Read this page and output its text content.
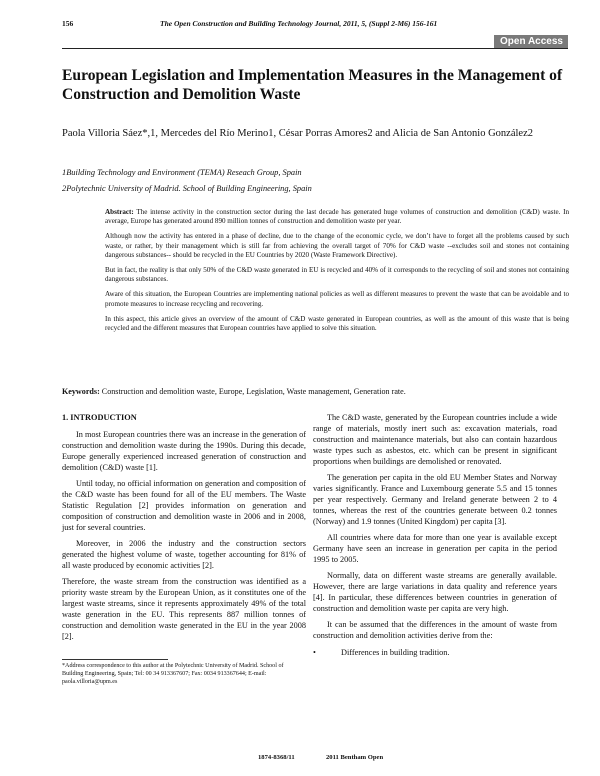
156	The Open Construction and Building Technology Journal, 2011, 5, (Suppl 2-M6) 156-161
Open Access
European Legislation and Implementation Measures in the Management of Construction and Demolition Waste
Paola Villoria Sáez*,1, Mercedes del Río Merino1, César Porras Amores2 and Alicia de San Antonio González2
1Building Technology and Environment (TEMA) Reseach Group, Spain
2Polytechnic University of Madrid. School of Building Engineering, Spain

Abstract: The intense activity in the construction sector during the last decade has generated huge volumes of construction and demolition (C&D) waste. In average, Europe has generated around 890 million tonnes of construction and demolition waste per year.

Although now the activity has entered in a phase of decline, due to the change of the economic cycle, we don’t have to forget all the problems caused by such waste, or rather, by their management which is still far from achieving the overall target of 70% for C&D waste --excludes soil and stones not containing dangerous substances-- should be recycled in the EU Countries by 2020 (Waste Framework Directive).

But in fact, the reality is that only 50% of the C&D waste generated in EU is recycled and 40% of it corresponds to the recycling of soil and stones not containing dangerous substances.

Aware of this situation, the European Countries are implementing national policies as well as different measures to prevent the waste that can be avoidable and to promote measures to increase recycling and recovering.

In this aspect, this article gives an overview of the amount of C&D waste generated in European countries, as well as the amount of this waste that is being recycled and the different measures that European countries have applied to solve this situation.

Keywords: Construction and demolition waste, Europe, Legislation, Waste management, Generation rate.
1. INTRODUCTION

In most European countries there was an increase in the generation of construction and demolition waste during the 1990s. During this decade, Europe generally experienced increased generation of construction and demolition (C&D) waste [1].

Until today, no official information on generation and composition of the C&D waste has been found for all of the EU members. The Waste Statistic Regulation [2] provides information on generation and composition of construction and demolition waste in 2006 and in 2008, just for several countries.

Moreover, in 2006 the industry and the construction sectors generated the highest volume of waste, together accounting for 81% of all waste produced by economic activities [2].

Therefore, the waste stream from the construction was identified as a priority waste stream by the European Union, as it constitutes one of the largest waste streams, since it represents approximately 49% of the total waste generation in the EU. This represents 887 million tonnes of construction and demolition waste generated in the EU in the year 2008 [2].

The C&D waste, generated by the European countries include a wide range of materials, mostly inert such as: excavation materials, road construction and maintenance materials, but also can contain hazardous waste types such as asbestos, etc. which can be present in significant proportions when buildings are demolished or renovated.

The generation per capita in the old EU Member States and Norway varies significantly. France and Luxembourg generate 5.5 and 15 tonnes per year respectively. Germany and Ireland generate between 2 to 4 tonnes, whereas the rest of the countries generate between 0.2 tonnes (Norway) and 1.9 tonnes (United Kingdom) per capita [3].

All countries where data for more than one year is available except Germany have seen an increase in generation per capita in the period 1995 to 2005.

Normally, data on different waste streams are generally available. However, there are large variations in data quality and reference years [4]. In particular, these differences between countries in generation of construction and demolition waste per capita are very high.

It can be assumed that the differences in the amount of waste from construction and demolition activities derive from the:

•	Differences in building tradition.
*Address correspondence to this author at the Polytechnic University of Madrid. School of Building Engineering, Spain; Tel: 00 34 913367607; Fax: 0034 913367644; E-mail: paola.villoria@upm.es
1874-8368/11	2011 Bentham Open
